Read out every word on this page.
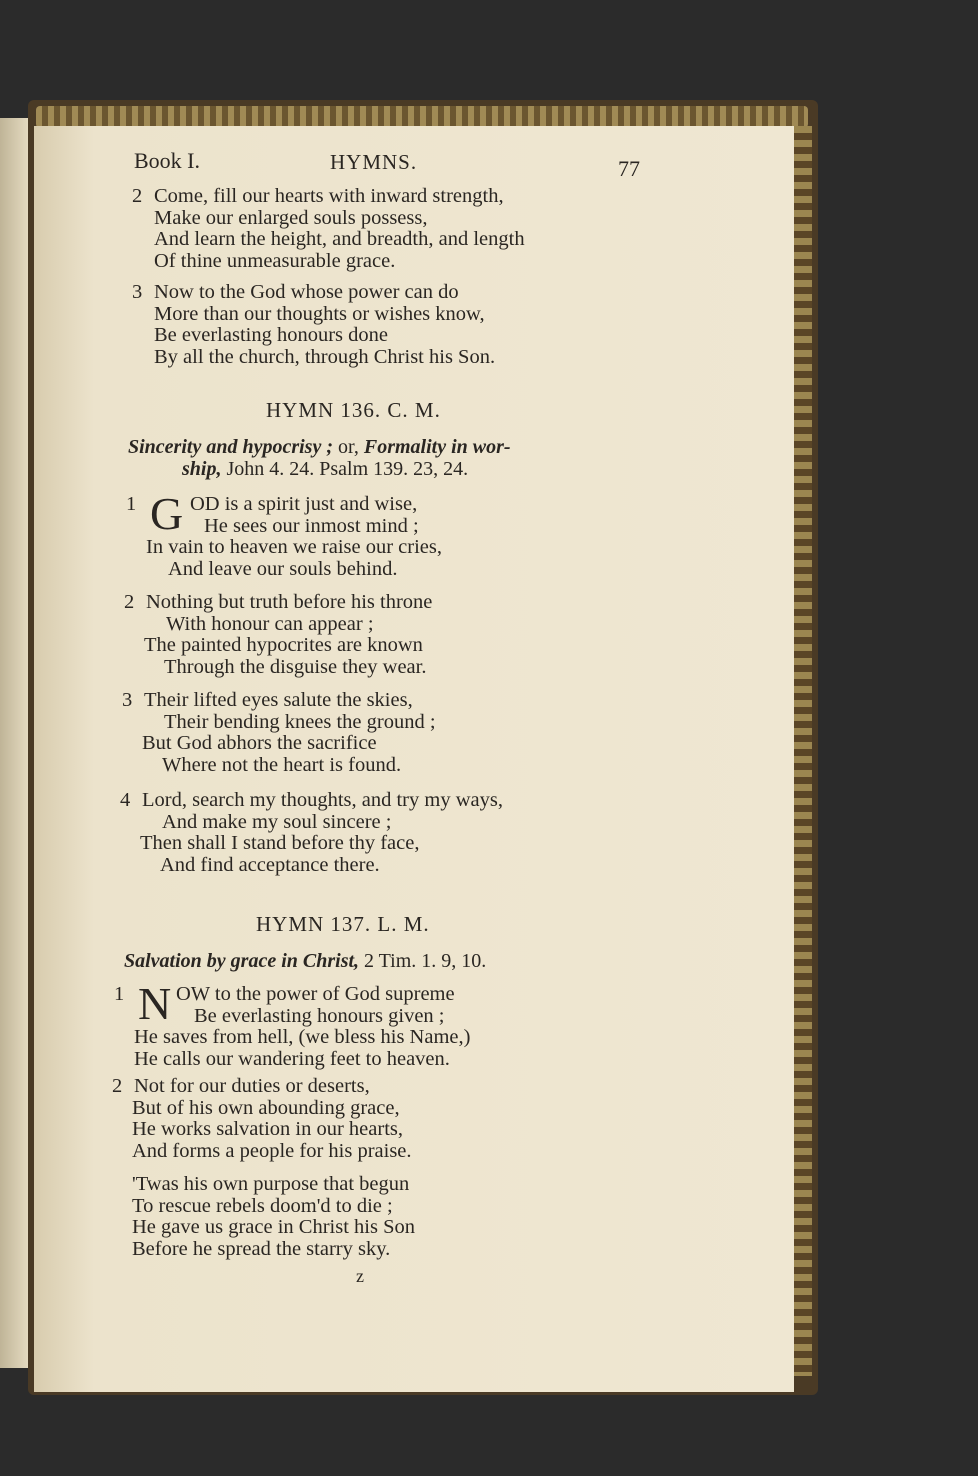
Book I.	HYMNS.	77
2 Come, fill our hearts with inward strength,
Make our enlarged souls possess,
And learn the height, and breadth, and length
Of thine unmeasurable grace.
3 Now to the God whose power can do
More than our thoughts or wishes know,
Be everlasting honours done
By all the church, through Christ his Son.
HYMN 136. C. M.
Sincerity and hypocrisy ; or, Formality in wor-
ship, John 4. 24. Psalm 139. 23, 24.
1 G OD is a spirit just and wise,
He sees our inmost mind ;
In vain to heaven we raise our cries,
And leave our souls behind.
2 Nothing but truth before his throne
With honour can appear ;
The painted hypocrites are known
Through the disguise they wear.
3 Their lifted eyes salute the skies,
Their bending knees the ground ;
But God abhors the sacrifice
Where not the heart is found.
4 Lord, search my thoughts, and try my ways,
And make my soul sincere ;
Then shall I stand before thy face,
And find acceptance there.
HYMN 137. L. M.
Salvation by grace in Christ, 2 Tim. 1. 9, 10.
1 N OW to the power of God supreme
Be everlasting honours given ;
He saves from hell, (we bless his Name,)
He calls our wandering feet to heaven.
2 Not for our duties or deserts,
But of his own abounding grace,
He works salvation in our hearts,
And forms a people for his praise.
'Twas his own purpose that begun
To rescue rebels doom'd to die ;
He gave us grace in Christ his Son
Before he spread the starry sky.
z
